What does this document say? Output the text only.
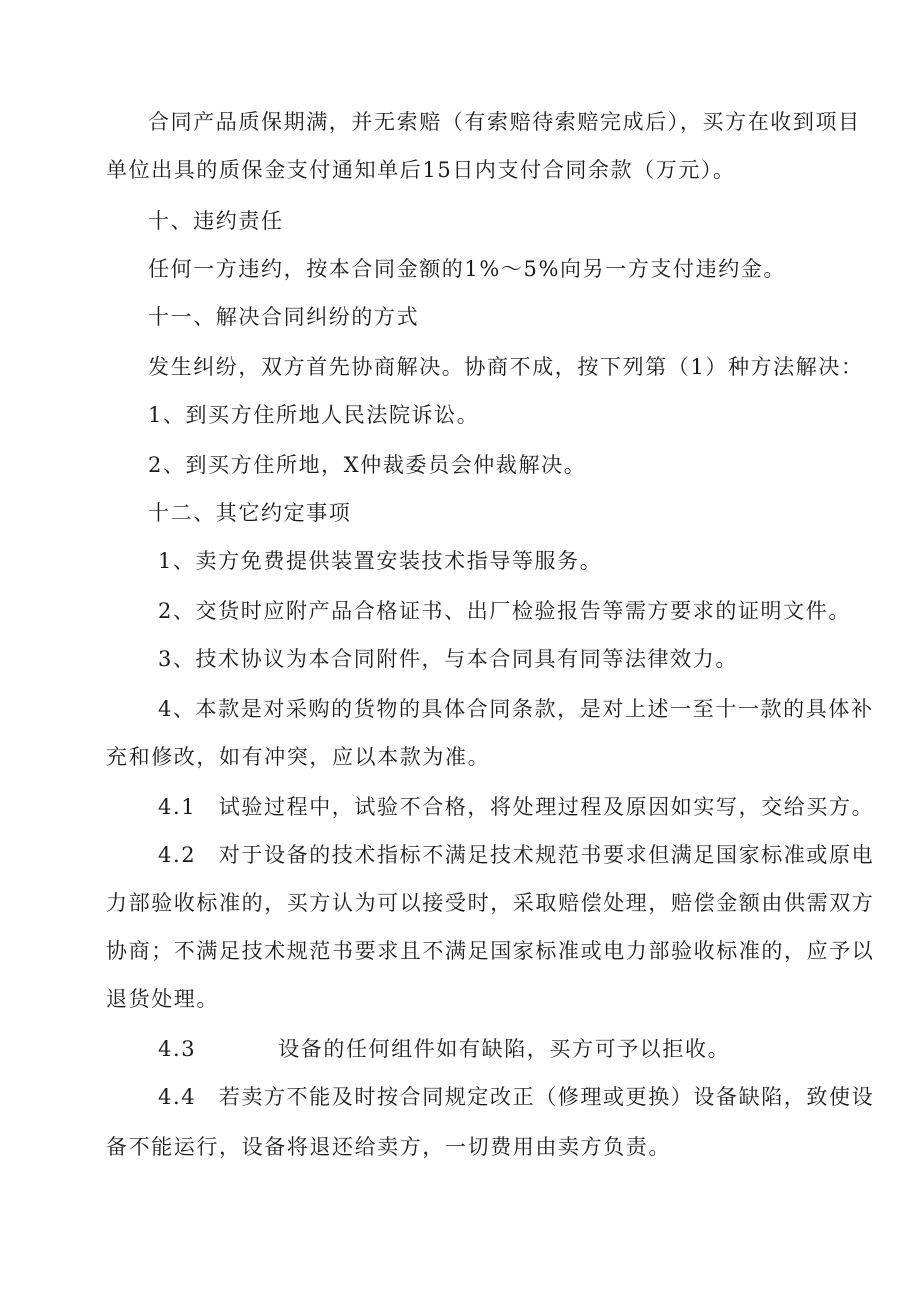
合同产品质保期满，并无索赔（有索赔待索赔完成后），买方在收到项目
单位出具的质保金支付通知单后15日内支付合同余款（万元）。
十、违约责任
任何一方违约，按本合同金额的1%～5%向另一方支付违约金。
十一、解决合同纠纷的方式
发生纠纷，双方首先协商解决。协商不成，按下列第（1）种方法解决：
1、到买方住所地人民法院诉讼。
2、到买方住所地，X仲裁委员会仲裁解决。
十二、其它约定事项
1、卖方免费提供装置安装技术指导等服务。
2、交货时应附产品合格证书、出厂检验报告等需方要求的证明文件。
3、技术协议为本合同附件，与本合同具有同等法律效力。
4、本款是对采购的货物的具体合同条款，是对上述一至十一款的具体补
充和修改，如有冲突，应以本款为准。
4.1　试验过程中，试验不合格，将处理过程及原因如实写，交给买方。
4.2　对于设备的技术指标不满足技术规范书要求但满足国家标准或原电
力部验收标准的，买方认为可以接受时，采取赔偿处理，赔偿金额由供需双方
协商；不满足技术规范书要求且不满足国家标准或电力部验收标准的，应予以
退货处理。
4.3	设备的任何组件如有缺陷，买方可予以拒收。
4.4　若卖方不能及时按合同规定改正（修理或更换）设备缺陷，致使设
备不能运行，设备将退还给卖方，一切费用由卖方负责。
